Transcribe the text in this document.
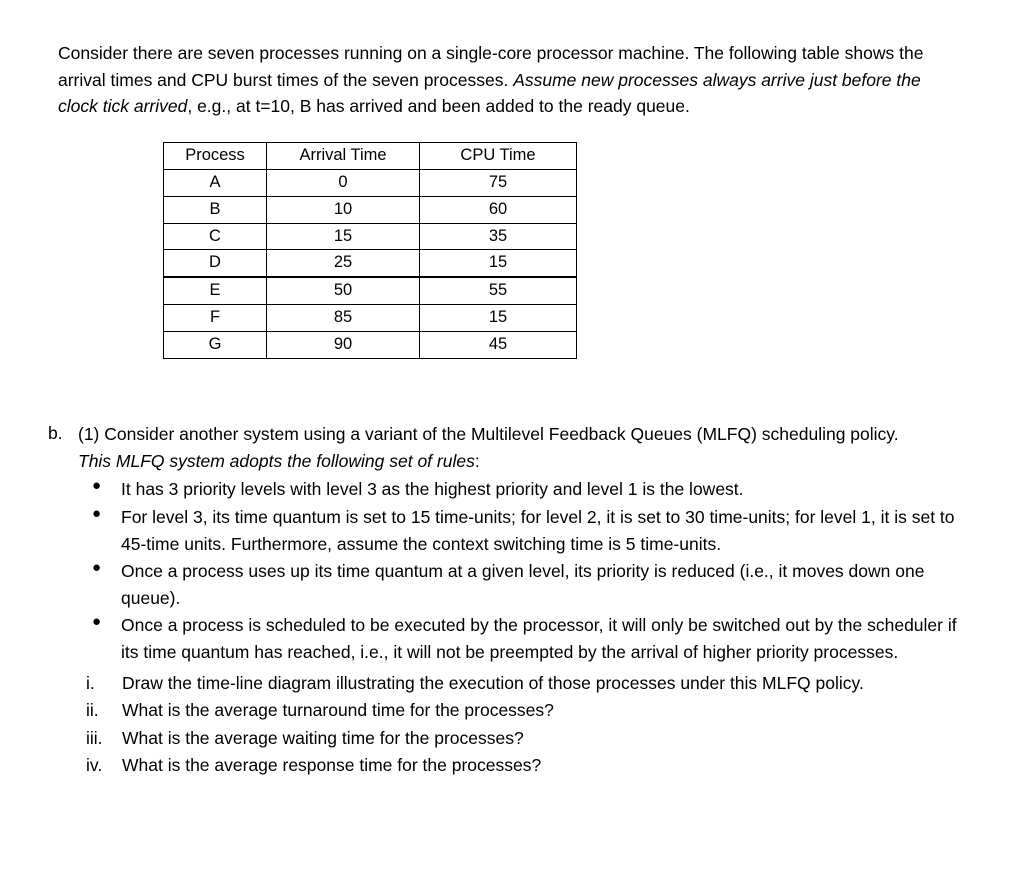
Consider there are seven processes running on a single-core processor machine. The following table shows the arrival times and CPU burst times of the seven processes. Assume new processes always arrive just before the clock tick arrived, e.g., at t=10, B has arrived and been added to the ready queue.

Process	Arrival Time	CPU Time
A	0	75
B	10	60
C	15	35
D	25	15
E	50	55
F	85	15
G	90	45
b. (1) Consider another system using a variant of the Multilevel Feedback Queues (MLFQ) scheduling policy. This MLFQ system adopts the following set of rules:
● It has 3 priority levels with level 3 as the highest priority and level 1 is the lowest.
● For level 3, its time quantum is set to 15 time-units; for level 2, it is set to 30 time-units; for level 1, it is set to 45-time units. Furthermore, assume the context switching time is 5 time-units.
● Once a process uses up its time quantum at a given level, its priority is reduced (i.e., it moves down one queue).
● Once a process is scheduled to be executed by the processor, it will only be switched out by the scheduler if its time quantum has reached, i.e., it will not be preempted by the arrival of higher priority processes.
i.	Draw the time-line diagram illustrating the execution of those processes under this MLFQ policy.
ii.	What is the average turnaround time for the processes?
iii.	What is the average waiting time for the processes?
iv.	What is the average response time for the processes?
